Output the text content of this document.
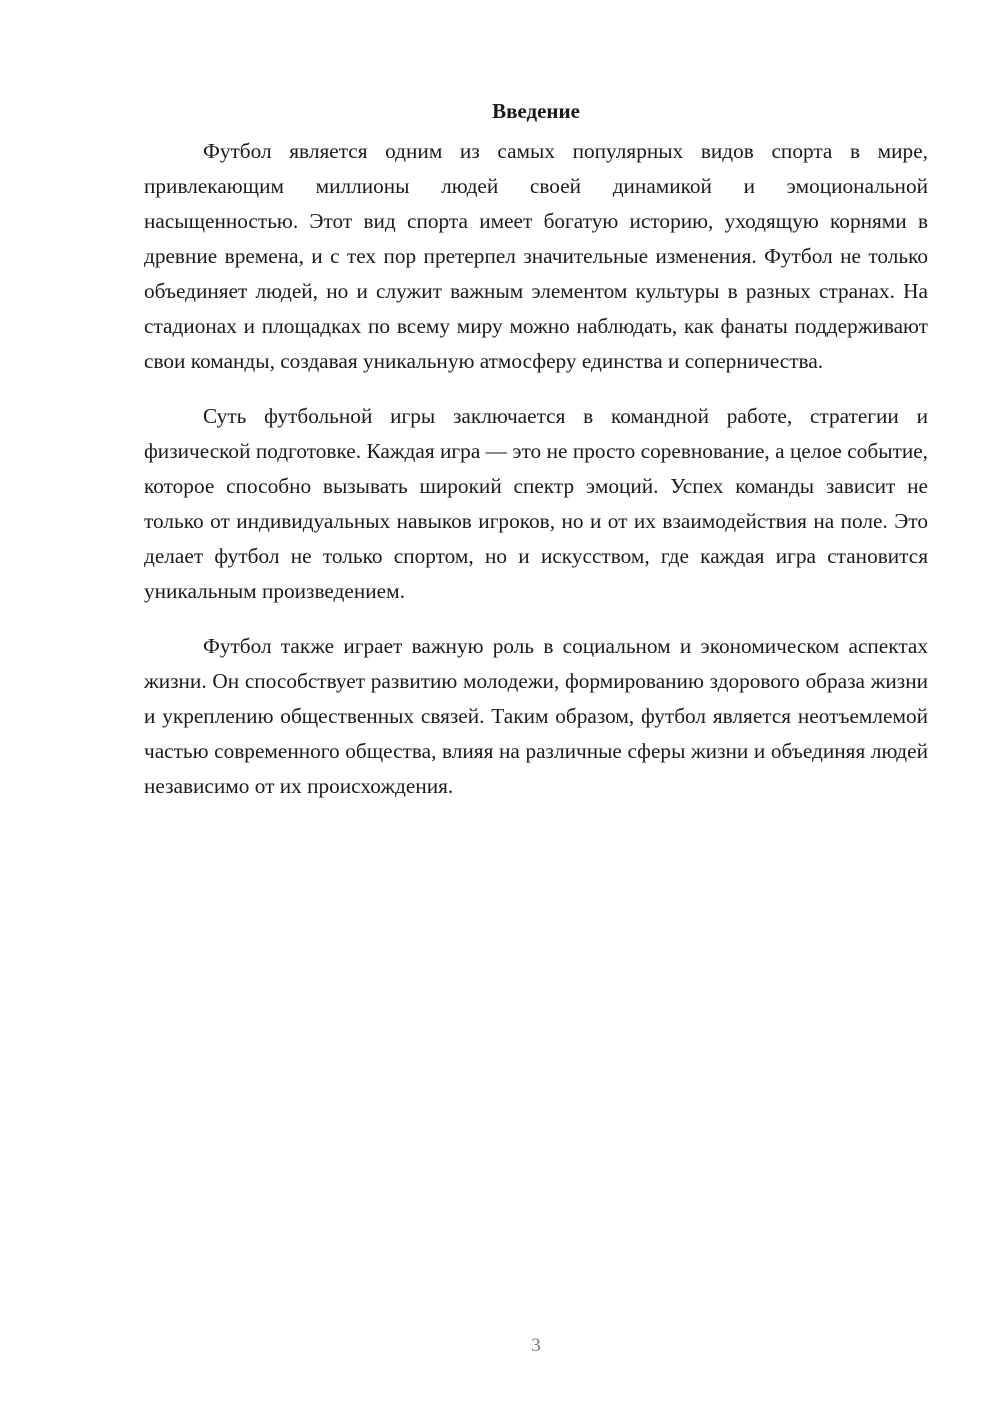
Введение

Футбол является одним из самых популярных видов спорта в мире, привлекающим миллионы людей своей динамикой и эмоциональной насыщенностью. Этот вид спорта имеет богатую историю, уходящую корнями в древние времена, и с тех пор претерпел значительные изменения. Футбол не только объединяет людей, но и служит важным элементом культуры в разных странах. На стадионах и площадках по всему миру можно наблюдать, как фанаты поддерживают свои команды, создавая уникальную атмосферу единства и соперничества.

Суть футбольной игры заключается в командной работе, стратегии и физической подготовке. Каждая игра — это не просто соревнование, а целое событие, которое способно вызывать широкий спектр эмоций. Успех команды зависит не только от индивидуальных навыков игроков, но и от их взаимодействия на поле. Это делает футбол не только спортом, но и искусством, где каждая игра становится уникальным произведением.

Футбол также играет важную роль в социальном и экономическом аспектах жизни. Он способствует развитию молодежи, формированию здорового образа жизни и укреплению общественных связей. Таким образом, футбол является неотъемлемой частью современного общества, влияя на различные сферы жизни и объединяя людей независимо от их происхождения.

3
